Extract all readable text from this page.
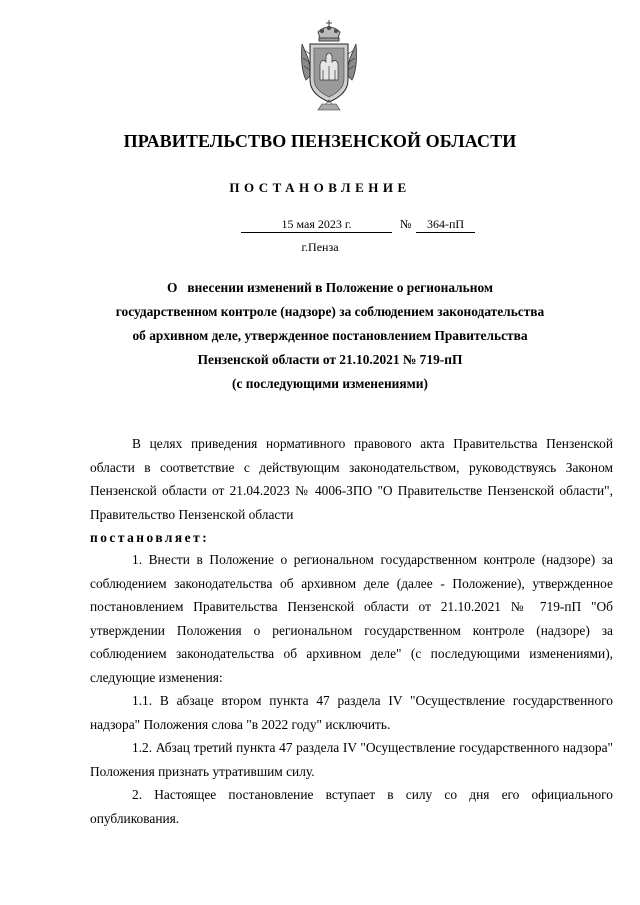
ПРАВИТЕЛЬСТВО ПЕНЗЕНСКОЙ ОБЛАСТИ
ПОСТАНОВЛЕНИЕ
15 мая 2023 г.	№	364-пП
г.Пенза
О   внесении изменений в Положение о региональном
государственном контроле (надзоре) за соблюдением законодательства
об архивном деле, утвержденное постановлением Правительства
Пензенской области от 21.10.2021 № 719-пП
(с последующими изменениями)

В целях приведения нормативного правового акта Правительства Пензенской области в соответствие с действующим законодательством, руководствуясь Законом Пензенской области от 21.04.2023 № 4006-ЗПО "О Правительстве Пензенской области", Правительство Пензенской области

постановляет:

1. Внести в Положение о региональном государственном контроле (надзоре) за соблюдением законодательства об архивном деле (далее - Положение), утвержденное постановлением Правительства Пензенской области от 21.10.2021 № 719-пП "Об утверждении Положения о региональном государственном контроле (надзоре) за соблюдением законодательства об архивном деле" (с последующими изменениями), следующие изменения:

1.1. В абзаце втором пункта 47 раздела IV "Осуществление государственного надзора" Положения слова "в 2022 году" исключить.

1.2. Абзац третий пункта 47 раздела IV "Осуществление государственного надзора" Положения признать утратившим силу.

2. Настоящее постановление вступает в силу со дня его официального опубликования.
